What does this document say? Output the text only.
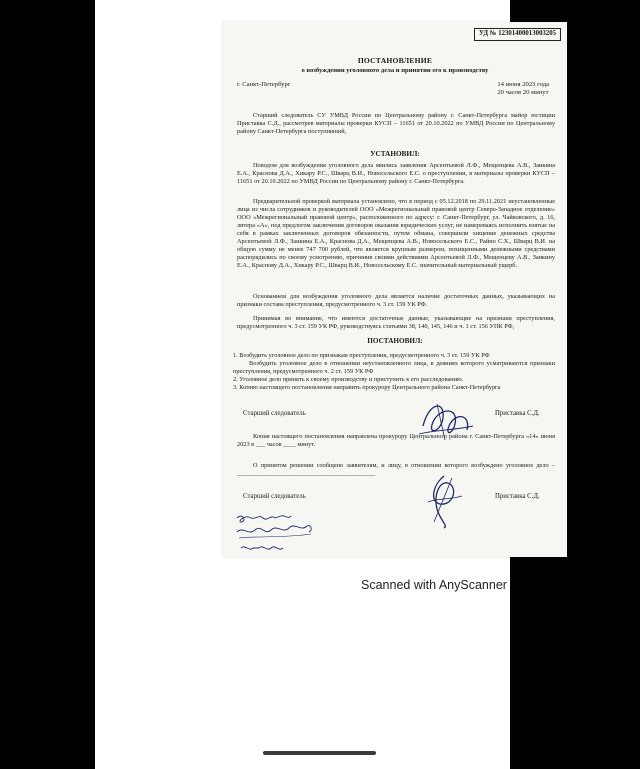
УД № 12301400013003205
ПОСТАНОВЛЕНИЕ
о возбуждении уголовного дела и принятии его к производству
г. Санкт-Петербург	14 июня 2023 года
20 часов 20 минут

Старший следователь СУ УМВД России по Центральному району г. Санкт-Петербурга майор юстиции Приставка С.Д., рассмотрев материалы проверки КУСП – 11651 от 20.10.2022 по УМВД России по Центральному району Санкт-Петербурга поступивший,

УСТАНОВИЛ:

Поводом для возбуждения уголовного дела явились заявления Арсентьевой Л.Ф., Мещенцева А.В., Заикина Е.А., Краснова Д.А., Хикару Р.С., Шварц В.И., Новосельского Е.С. о преступлении, в материалы проверки КУСП – 11651 от 20.10.2022 по УМВД России по Центральному району г. Санкт-Петербурга.

Предварительной проверкой материала установлено, что в период с 05.12.2018 по 29.11.2021 неустановленные лица из числа сотрудников и руководителей ООО «Межрегиональный правовой центр Северо-Западное отделение» ООО «Межрегиональный правовой центр», расположенного по адресу: г. Санкт-Петербург, ул. Чайковского, д. 16, литера «А», под предлогом заключения договоров оказания юридических услуг, не намереваясь исполнить взятые на себя в рамках заключенных договоров обязанности, путем обмана, совершили хищение денежных средства Арсентьевой Л.Ф., Заикина Е.А., Краснова Д.А., Мещенцева А.В., Новосельского Е.С., Райно С.Х., Шварц В.И. на общую сумму не менее 747 700 рублей, что является крупным размером, похищенными денежными средствами распорядились по своему усмотрению, причинив своими действиями Арсентьевой Л.Ф., Мещенцеву А.В., Заикину Е.А., Краснову Д.А., Хикару Р.С., Шварц В.И., Новосельскому Е.С. значительный материальный ущерб.

Основанием для возбуждения уголовного дела является наличие достаточных данных, указывающих на признаки состава преступления, предусмотренного ч. 3 ст. 159 УК РФ.

Принимая во внимание, что имеются достаточные данные, указывающие на признаки преступления, предусмотренного ч. 3 ст. 159 УК РФ, руководствуясь статьями 38, 140, 145, 146 и ч. 1 ст. 156 УПК РФ,

ПОСТАНОВИЛ:

1. Возбудить уголовное дело по признакам преступления, предусмотренного ч. 3 ст. 159 УК РФ

Возбудить уголовное дело в отношении неустановленного лица, в деяниях которого усматриваются признаки преступления, предусмотренного ч. 2 ст. 159 УК РФ

2. Уголовное дело принять к своему производству и приступить к его расследованию.

3. Копию настоящего постановления направить прокурору Центрального района Санкт-Петербурга

Старший следователь	Приставка С.Д.

Копия настоящего постановления направлена прокурору Центрального района г. Санкт-Петербурга «14» июня 2023 в ___ часов ____ минут.

О принятом решении сообщено заявителям, и лицу, в отношении которого возбуждено уголовное дело – ____________________________________________

Старший следователь	Приставка С.Д.
Scanned with AnyScanner
